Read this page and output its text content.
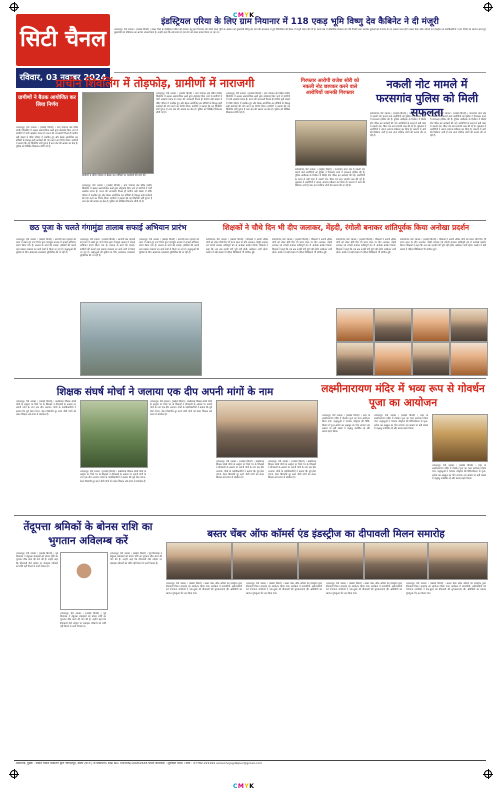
CMYK
CMYK
सिटी चैनल
रविवार, 03 नवम्बर 2024
इंडस्ट्रियल एरिया के लिए ग्राम नियानार में 118 एकड़ भूमि विष्णु देव कैबिनेट ने दी मंजूरी
जगदलपुर, 02 नवम्बर । (स्वदेश विमर्श) । बस्तर जिले के इंडस्ट्रियल एरिया की स्थापना हेतु ग्राम नियानार की 118 एकड़ भूमि के आवंटन को मुख्यमंत्री विष्णु देव साय की अध्यक्षता में हुई मंत्रिपरिषद की बैठक में मंजूरी प्रदान की गई है। इससे क्षेत्र में औद्योगिक विकास को गति मिलेगी तथा स्थानीय युवाओं को रोजगार के नए अवसर प्राप्त होंगे। बस्तर चैंबर ऑफ कॉमर्स एवं इंडस्ट्रीज के पदाधिकारियों ने इस निर्णय का स्वागत करते हुए मुख्यमंत्री एवं मंत्रिमंडल का आभार व्यक्त किया है। उन्होंने कहा कि लंबे समय से इस मांग को लेकर प्रयास किया जा रहा था।
प्राचीन शिवलिंग में तोड़फोड़, ग्रामीणों में नाराजगी
ग्रामीणों ने बैठक आयोजित कर लिया निर्णय
जगदलपुर, 02 नवम्बर । (स्वदेश विमर्श) । ग्राम पंचायत क्षेत्र स्थित प्राचीन शिवलिंग में अज्ञात असामाजिक तत्वों द्वारा तोड़फोड़ किए जाने से ग्रामीणों में भारी आक्रोश व्याप्त है। घटना की जानकारी मिलते ही ग्रामीण बड़ी संख्या में मंदिर परिसर में एकत्रित हुए और बैठक आयोजित कर दोषियों के विरुद्ध कड़ी कार्रवाई की मांग करने का निर्णय लिया। ग्रामीणों ने बताया कि यह शिवलिंग वर्षों पुराना है तथा क्षेत्र की आस्था का केंद्र है। पुलिस को लिखित शिकायत सौंपी गई है।
जगदलपुर, 02 नवम्बर । (स्वदेश विमर्श) । ग्राम पंचायत क्षेत्र स्थित प्राचीन शिवलिंग में अज्ञात असामाजिक तत्वों द्वारा तोड़फोड़ किए जाने से ग्रामीणों में भारी आक्रोश व्याप्त है। घटना की जानकारी मिलते ही ग्रामीण बड़ी संख्या में मंदिर परिसर में एकत्रित हुए और बैठक आयोजित कर दोषियों के विरुद्ध कड़ी कार्रवाई की मांग करने का निर्णय लिया। ग्रामीणों ने बताया कि यह शिवलिंग वर्षों पुराना है तथा क्षेत्र की आस्था का केंद्र है। पुलिस को लिखित शिकायत सौंपी गई है।
जगदलपुर, 02 नवम्बर । (स्वदेश विमर्श) । ग्राम पंचायत क्षेत्र स्थित प्राचीन शिवलिंग में अज्ञात असामाजिक तत्वों द्वारा तोड़फोड़ किए जाने से ग्रामीणों में भारी आक्रोश व्याप्त है। घटना की जानकारी मिलते ही ग्रामीण बड़ी संख्या में मंदिर परिसर में एकत्रित हुए और बैठक आयोजित कर दोषियों के विरुद्ध कड़ी कार्रवाई की मांग करने का निर्णय लिया। ग्रामीणों ने बताया कि यह शिवलिंग वर्षों पुराना है तथा क्षेत्र की आस्था का केंद्र है। पुलिस को लिखित शिकायत सौंपी गई है।
ग्रामीणों ने मंदिर परिसर में बैठक कर दोषियों पर कार्रवाई की मांग की
जगदलपुर, 02 नवम्बर । (स्वदेश विमर्श) । ग्राम पंचायत क्षेत्र स्थित प्राचीन शिवलिंग में अज्ञात असामाजिक तत्वों द्वारा तोड़फोड़ किए जाने से ग्रामीणों में भारी आक्रोश व्याप्त है। घटना की जानकारी मिलते ही ग्रामीण बड़ी संख्या में मंदिर परिसर में एकत्रित हुए और बैठक आयोजित कर दोषियों के विरुद्ध कड़ी कार्रवाई की मांग करने का निर्णय लिया। ग्रामीणों ने बताया कि यह शिवलिंग वर्षों पुराना है तथा क्षेत्र की आस्था का केंद्र है। पुलिस को लिखित शिकायत सौंपी गई है।
गिरफ्तार आरोपी राजेश सोरी को नकली नोट छापकर करने वाले आरोपियों जानकी गिरफ्तार
नकली नोट मामले में फरसगांव पुलिस को मिली सफलता
कोण्डागांव, 02 नवम्बर । (स्वदेश विमर्श) । फरसगांव थाना क्षेत्र में नकली नोट चलाने वाले आरोपियों को पुलिस ने गिरफ्तार करने में सफलता हासिल की है। पुलिस अधीक्षक के निर्देशन में विशेष टीम गठित कर कार्रवाई की गई। आरोपियों के कब्जे से बड़ी मात्रा में नकली नोट, प्रिंटर एवं अन्य सामग्री जब्त की गई है। पूछताछ में आरोपियों ने अपना अपराध स्वीकार कर लिया है। प्रकरण में आगे की विवेचना जारी है तथा अन्य संलिप्त लोगों की तलाश की जा रही है।
कोण्डागांव, 02 नवम्बर । (स्वदेश विमर्श) । फरसगांव थाना क्षेत्र में नकली नोट चलाने वाले आरोपियों को पुलिस ने गिरफ्तार करने में सफलता हासिल की है। पुलिस अधीक्षक के निर्देशन में विशेष टीम गठित कर कार्रवाई की गई। आरोपियों के कब्जे से बड़ी मात्रा में नकली नोट, प्रिंटर एवं अन्य सामग्री जब्त की गई है। पूछताछ में आरोपियों ने अपना अपराध स्वीकार कर लिया है। प्रकरण में आगे की विवेचना जारी है तथा अन्य संलिप्त लोगों की तलाश की जा रही है।
कोण्डागांव, 02 नवम्बर । (स्वदेश विमर्श) । फरसगांव थाना क्षेत्र में नकली नोट चलाने वाले आरोपियों को पुलिस ने गिरफ्तार करने में सफलता हासिल की है। पुलिस अधीक्षक के निर्देशन में विशेष टीम गठित कर कार्रवाई की गई। आरोपियों के कब्जे से बड़ी मात्रा में नकली नोट, प्रिंटर एवं अन्य सामग्री जब्त की गई है। पूछताछ में आरोपियों ने अपना अपराध स्वीकार कर लिया है। प्रकरण में आगे की विवेचना जारी है तथा अन्य संलिप्त लोगों की तलाश की जा रही है।
छठ पूजा के चलते गंगामुंडा तालाब सफाई अभियान प्रारंभ
जगदलपुर, 02 नवम्बर । (स्वदेश विमर्श) । आगामी छठ महापर्व को ध्यान में रखते हुए नगर निगम द्वारा गंगामुंडा तालाब में सफाई अभियान प्रारंभ किया गया है। तालाब के घाटों की सफाई, झाड़ियों की कटाई तथा प्रकाश व्यवस्था का कार्य तेजी से किया जा रहा है। श्रद्धालुओं की सुविधा के लिए आवश्यक व्यवस्थाएं सुनिश्चित की जा रही हैं।
जगदलपुर, 02 नवम्बर । (स्वदेश विमर्श) । आगामी छठ महापर्व को ध्यान में रखते हुए नगर निगम द्वारा गंगामुंडा तालाब में सफाई अभियान प्रारंभ किया गया है। तालाब के घाटों की सफाई, झाड़ियों की कटाई तथा प्रकाश व्यवस्था का कार्य तेजी से किया जा रहा है। श्रद्धालुओं की सुविधा के लिए आवश्यक व्यवस्थाएं सुनिश्चित की जा रही हैं।
जगदलपुर, 02 नवम्बर । (स्वदेश विमर्श) । आगामी छठ महापर्व को ध्यान में रखते हुए नगर निगम द्वारा गंगामुंडा तालाब में सफाई अभियान प्रारंभ किया गया है। तालाब के घाटों की सफाई, झाड़ियों की कटाई तथा प्रकाश व्यवस्था का कार्य तेजी से किया जा रहा है। श्रद्धालुओं की सुविधा के लिए आवश्यक व्यवस्थाएं सुनिश्चित की जा रही हैं।
शिक्षकों ने चौथे दिन भी दीप जलाकर, मेंहदी, रंगोली बनाकर शांतिपूर्वक किया अनोखा प्रदर्शन
कोण्डागांव, 02 नवम्बर । (स्वदेश विमर्श) । शिक्षकों ने अपनी लंबित मांगों को लेकर चौथे दिन भी धरना स्थल पर दीप जलाकर, मेंहदी लगाकर एवं रंगोली बनाकर शांतिपूर्ण ढंग से अनोखा प्रदर्शन किया। शिक्षकों ने कहा कि जब तक उनकी मांगें पूरी नहीं होतीं, आंदोलन जारी रहेगा। प्रदर्शन में बड़ी संख्या में महिला शिक्षिकाएं भी शामिल हुईं।
कोण्डागांव, 02 नवम्बर । (स्वदेश विमर्श) । शिक्षकों ने अपनी लंबित मांगों को लेकर चौथे दिन भी धरना स्थल पर दीप जलाकर, मेंहदी लगाकर एवं रंगोली बनाकर शांतिपूर्ण ढंग से अनोखा प्रदर्शन किया। शिक्षकों ने कहा कि जब तक उनकी मांगें पूरी नहीं होतीं, आंदोलन जारी रहेगा। प्रदर्शन में बड़ी संख्या में महिला शिक्षिकाएं भी शामिल हुईं।
कोण्डागांव, 02 नवम्बर । (स्वदेश विमर्श) । शिक्षकों ने अपनी लंबित मांगों को लेकर चौथे दिन भी धरना स्थल पर दीप जलाकर, मेंहदी लगाकर एवं रंगोली बनाकर शांतिपूर्ण ढंग से अनोखा प्रदर्शन किया। शिक्षकों ने कहा कि जब तक उनकी मांगें पूरी नहीं होतीं, आंदोलन जारी रहेगा। प्रदर्शन में बड़ी संख्या में महिला शिक्षिकाएं भी शामिल हुईं।
कोण्डागांव, 02 नवम्बर । (स्वदेश विमर्श) । शिक्षकों ने अपनी लंबित मांगों को लेकर चौथे दिन भी धरना स्थल पर दीप जलाकर, मेंहदी लगाकर एवं रंगोली बनाकर शांतिपूर्ण ढंग से अनोखा प्रदर्शन किया। शिक्षकों ने कहा कि जब तक उनकी मांगें पूरी नहीं होतीं, आंदोलन जारी रहेगा। प्रदर्शन में बड़ी संख्या में महिला शिक्षिकाएं भी शामिल हुईं।
शिक्षक संघर्ष मोर्चा ने जलाया एक दीप अपनी मांगों के नाम
जगदलपुर, 02 नवम्बर । (स्वदेश विमर्श) । छत्तीसगढ़ शिक्षक संघर्ष मोर्चा के आह्वान पर जिले भर के शिक्षकों ने दीपावली के अवसर पर अपनी मांगों के नाम एक दीप जलाया। मोर्चा के पदाधिकारियों ने बताया कि पूर्व सेवा गणना, वेतन विसंगति दूर करने जैसी मांगों को लेकर शिक्षक लंबे समय से संघर्षरत हैं।
जगदलपुर, 02 नवम्बर । (स्वदेश विमर्श) । छत्तीसगढ़ शिक्षक संघर्ष मोर्चा के आह्वान पर जिले भर के शिक्षकों ने दीपावली के अवसर पर अपनी मांगों के नाम एक दीप जलाया। मोर्चा के पदाधिकारियों ने बताया कि पूर्व सेवा गणना, वेतन विसंगति दूर करने जैसी मांगों को लेकर शिक्षक लंबे समय से संघर्षरत हैं।
जगदलपुर, 02 नवम्बर । (स्वदेश विमर्श) । छत्तीसगढ़ शिक्षक संघर्ष मोर्चा के आह्वान पर जिले भर के शिक्षकों ने दीपावली के अवसर पर अपनी मांगों के नाम एक दीप जलाया। मोर्चा के पदाधिकारियों ने बताया कि पूर्व सेवा गणना, वेतन विसंगति दूर करने जैसी मांगों को लेकर शिक्षक लंबे समय से संघर्षरत हैं।
जगदलपुर, 02 नवम्बर । (स्वदेश विमर्श) । छत्तीसगढ़ शिक्षक संघर्ष मोर्चा के आह्वान पर जिले भर के शिक्षकों ने दीपावली के अवसर पर अपनी मांगों के नाम एक दीप जलाया। मोर्चा के पदाधिकारियों ने बताया कि पूर्व सेवा गणना, वेतन विसंगति दूर करने जैसी मांगों को लेकर शिक्षक लंबे समय से संघर्षरत हैं।
जगदलपुर, 02 नवम्बर । (स्वदेश विमर्श) । छत्तीसगढ़ शिक्षक संघर्ष मोर्चा के आह्वान पर जिले भर के शिक्षकों ने दीपावली के अवसर पर अपनी मांगों के नाम एक दीप जलाया। मोर्चा के पदाधिकारियों ने बताया कि पूर्व सेवा गणना, वेतन विसंगति दूर करने जैसी मांगों को लेकर शिक्षक लंबे समय से संघर्षरत हैं।
लक्ष्मीनारायण मंदिर में भव्य रूप से गोवर्धन पूजा का आयोजन
जगदलपुर, 02 नवम्बर । (स्वदेश विमर्श) । शहर के लक्ष्मीनारायण मंदिर में गोवर्धन पूजा का भव्य आयोजन किया गया। श्रद्धालुओं ने भगवान श्रीकृष्ण की विधि-विधान से पूजा-अर्चना कर अन्नकूट का भोग लगाया। इस अवसर पर बड़ी संख्या में श्रद्धालु उपस्थित रहे और प्रसाद ग्रहण किया।
जगदलपुर, 02 नवम्बर । (स्वदेश विमर्श) । शहर के लक्ष्मीनारायण मंदिर में गोवर्धन पूजा का भव्य आयोजन किया गया। श्रद्धालुओं ने भगवान श्रीकृष्ण की विधि-विधान से पूजा-अर्चना कर अन्नकूट का भोग लगाया। इस अवसर पर बड़ी संख्या में श्रद्धालु उपस्थित रहे और प्रसाद ग्रहण किया।
जगदलपुर, 02 नवम्बर । (स्वदेश विमर्श) । शहर के लक्ष्मीनारायण मंदिर में गोवर्धन पूजा का भव्य आयोजन किया गया। श्रद्धालुओं ने भगवान श्रीकृष्ण की विधि-विधान से पूजा-अर्चना कर अन्नकूट का भोग लगाया। इस अवसर पर बड़ी संख्या में श्रद्धालु उपस्थित रहे और प्रसाद ग्रहण किया।
तेंदूपत्ता श्रमिकों के बोनस राशि का भुगतान अविलम्ब करें
जगदलपुर, 02 नवम्बर । (स्वदेश विमर्श) । पूर्व विधायक ने तेंदूपत्ता संग्राहकों को बोनस राशि का भुगतान शीघ्र करने की मांग की है। उन्होंने कहा कि दीपावली जैसे त्योहार पर संग्राहक परिवारों को राशि नहीं मिलने से उनमें निराशा है।
जगदलपुर, 02 नवम्बर । (स्वदेश विमर्श) । पूर्व विधायक ने तेंदूपत्ता संग्राहकों को बोनस राशि का भुगतान शीघ्र करने की मांग की है। उन्होंने कहा कि दीपावली जैसे त्योहार पर संग्राहक परिवारों को राशि नहीं मिलने से उनमें निराशा है।
जगदलपुर, 02 नवम्बर । (स्वदेश विमर्श) । पूर्व विधायक ने तेंदूपत्ता संग्राहकों को बोनस राशि का भुगतान शीघ्र करने की मांग की है। उन्होंने कहा कि दीपावली जैसे त्योहार पर संग्राहक परिवारों को राशि नहीं मिलने से उनमें निराशा है।
बस्तर चेंबर ऑफ कॉमर्स एंड इंडस्ट्रीज का दीपावली मिलन समारोह
जगदलपुर, 02 नवम्बर । (स्वदेश विमर्श) । बस्तर चेंबर ऑफ कॉमर्स एंड इंडस्ट्रीज द्वारा दीपावली मिलन समारोह का आयोजन किया गया। कार्यक्रम में व्यापारियों, उद्योगपतियों एवं गणमान्य नागरिकों ने एक-दूसरे को दीपावली की शुभकामनाएं दीं। अतिथियों का स्वागत पुष्पगुच्छ भेंट कर किया गया।
जगदलपुर, 02 नवम्बर । (स्वदेश विमर्श) । बस्तर चेंबर ऑफ कॉमर्स एंड इंडस्ट्रीज द्वारा दीपावली मिलन समारोह का आयोजन किया गया। कार्यक्रम में व्यापारियों, उद्योगपतियों एवं गणमान्य नागरिकों ने एक-दूसरे को दीपावली की शुभकामनाएं दीं। अतिथियों का स्वागत पुष्पगुच्छ भेंट कर किया गया।
जगदलपुर, 02 नवम्बर । (स्वदेश विमर्श) । बस्तर चेंबर ऑफ कॉमर्स एंड इंडस्ट्रीज द्वारा दीपावली मिलन समारोह का आयोजन किया गया। कार्यक्रम में व्यापारियों, उद्योगपतियों एवं गणमान्य नागरिकों ने एक-दूसरे को दीपावली की शुभकामनाएं दीं। अतिथियों का स्वागत पुष्पगुच्छ भेंट कर किया गया।
जगदलपुर, 02 नवम्बर । (स्वदेश विमर्श) । बस्तर चेंबर ऑफ कॉमर्स एंड इंडस्ट्रीज द्वारा दीपावली मिलन समारोह का आयोजन किया गया। कार्यक्रम में व्यापारियों, उद्योगपतियों एवं गणमान्य नागरिकों ने एक-दूसरे को दीपावली की शुभकामनाएं दीं। अतिथियों का स्वागत पुष्पगुच्छ भेंट कर किया गया।
प्रकाशक, मुद्रक : स्वदेश विमर्श प्रकाशन द्वारा जगदलपुर, बस्तर (छ.ग.) से प्रकाशित। RNI NO. MPHIN/1998/2638 प्रधान सम्पादक : सूर्यकांत मिश्रा । फोन : 07782-221919 email-hcjagdalpur@gmail.com
